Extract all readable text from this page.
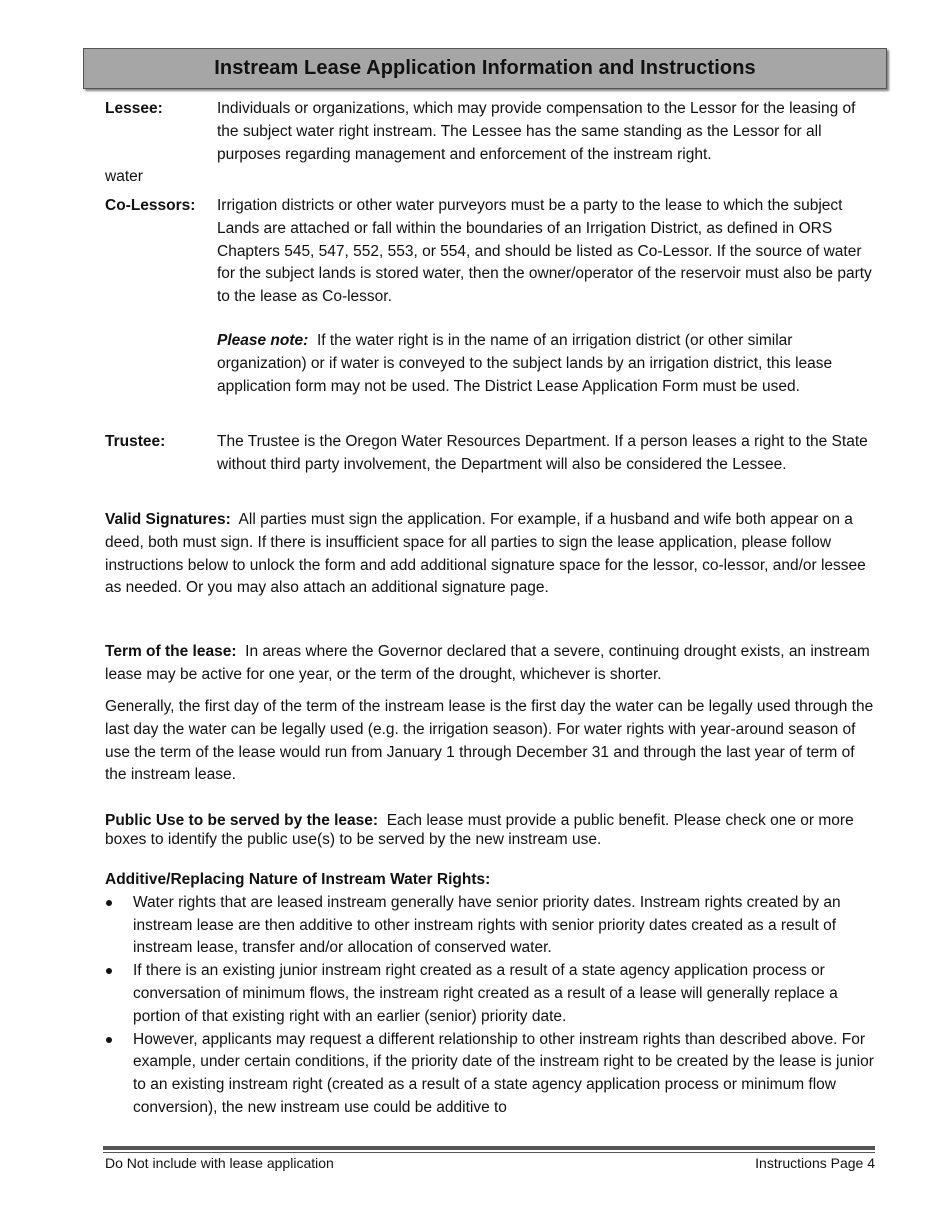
Instream Lease Application Information and Instructions
Lessee:
water
Individuals or organizations, which may provide compensation to the Lessor for the leasing of the subject water right instream. The Lessee has the same standing as the Lessor for all purposes regarding management and enforcement of the instream right.
Co-Lessors: Irrigation districts or other water purveyors must be a party to the lease to which the subject Lands are attached or fall within the boundaries of an Irrigation District, as defined in ORS Chapters 545, 547, 552, 553, or 554, and should be listed as Co-Lessor. If the source of water for the subject lands is stored water, then the owner/operator of the reservoir must also be party to the lease as Co-lessor.
Please note: If the water right is in the name of an irrigation district (or other similar organization) or if water is conveyed to the subject lands by an irrigation district, this lease application form may not be used. The District Lease Application Form must be used.
Trustee:	The Trustee is the Oregon Water Resources Department. If a person leases a right to the State without third party involvement, the Department will also be considered the Lessee.
Valid Signatures: All parties must sign the application. For example, if a husband and wife both appear on a deed, both must sign. If there is insufficient space for all parties to sign the lease application, please follow instructions below to unlock the form and add additional signature space for the lessor, co-lessor, and/or lessee as needed. Or you may also attach an additional signature page.
Term of the lease: In areas where the Governor declared that a severe, continuing drought exists, an instream lease may be active for one year, or the term of the drought, whichever is shorter.
Generally, the first day of the term of the instream lease is the first day the water can be legally used through the last day the water can be legally used (e.g. the irrigation season). For water rights with year-around season of use the term of the lease would run from January 1 through December 31 and through the last year of term of the instream lease.
Public Use to be served by the lease: Each lease must provide a public benefit. Please check one or more boxes to identify the public use(s) to be served by the new instream use.
Additive/Replacing Nature of Instream Water Rights:
Water rights that are leased instream generally have senior priority dates. Instream rights created by an instream lease are then additive to other instream rights with senior priority dates created as a result of instream lease, transfer and/or allocation of conserved water.
If there is an existing junior instream right created as a result of a state agency application process or conversation of minimum flows, the instream right created as a result of a lease will generally replace a portion of that existing right with an earlier (senior) priority date.
However, applicants may request a different relationship to other instream rights than described above. For example, under certain conditions, if the priority date of the instream right to be created by the lease is junior to an existing instream right (created as a result of a state agency application process or minimum flow conversion), the new instream use could be additive to
Do Not include with lease application	Instructions Page 4
